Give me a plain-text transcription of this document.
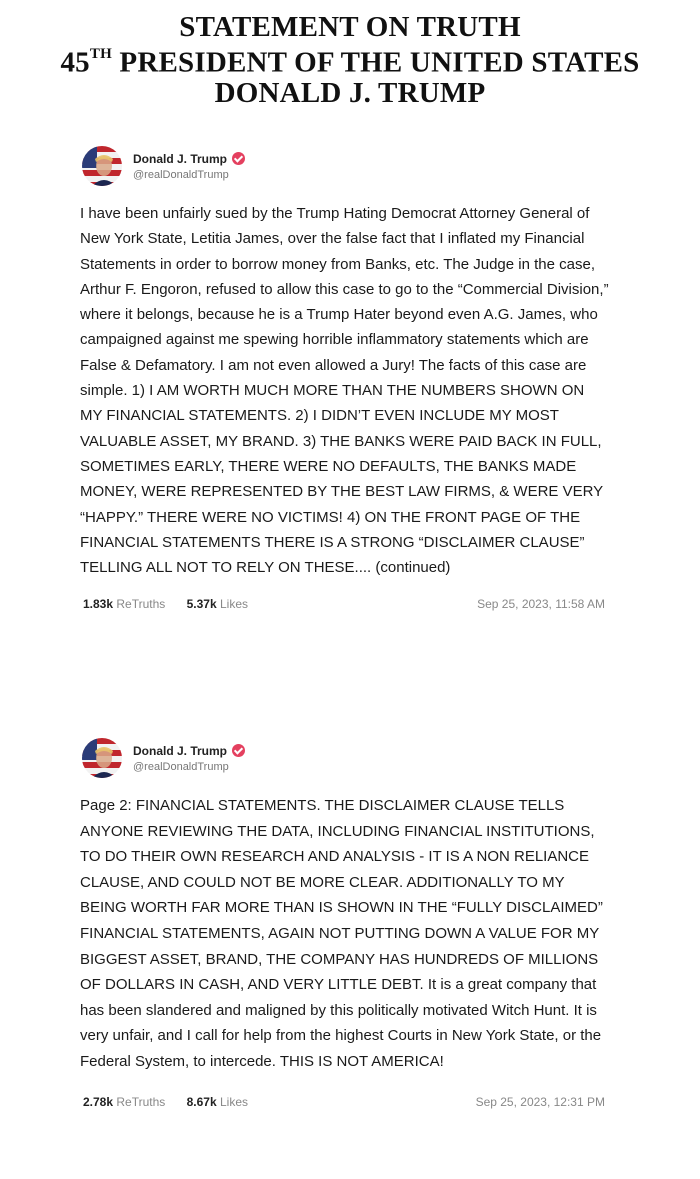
STATEMENT ON TRUTH
45TH PRESIDENT OF THE UNITED STATES
DONALD J. TRUMP
Donald J. Trump
@realDonaldTrump
I have been unfairly sued by the Trump Hating Democrat Attorney General of New York State, Letitia James, over the false fact that I inflated my Financial Statements in order to borrow money from Banks, etc. The Judge in the case, Arthur F. Engoron, refused to allow this case to go to the “Commercial Division,” where it belongs, because he is a Trump Hater beyond even A.G. James, who campaigned against me spewing horrible inflammatory statements which are False & Defamatory. I am not even allowed a Jury! The facts of this case are simple. 1) I AM WORTH MUCH MORE THAN THE NUMBERS SHOWN ON MY FINANCIAL STATEMENTS. 2) I DIDN’T EVEN INCLUDE MY MOST VALUABLE ASSET, MY BRAND. 3) THE BANKS WERE PAID BACK IN FULL, SOMETIMES EARLY, THERE WERE NO DEFAULTS, THE BANKS MADE MONEY, WERE REPRESENTED BY THE BEST LAW FIRMS, & WERE VERY “HAPPY.” THERE WERE NO VICTIMS! 4) ON THE FRONT PAGE OF THE FINANCIAL STATEMENTS THERE IS A STRONG “DISCLAIMER CLAUSE” TELLING ALL NOT TO RELY ON THESE.... (continued)
1.83k ReTruths 5.37k Likes	Sep 25, 2023, 11:58 AM
Donald J. Trump
@realDonaldTrump
Page 2: FINANCIAL STATEMENTS. THE DISCLAIMER CLAUSE TELLS ANYONE REVIEWING THE DATA, INCLUDING FINANCIAL INSTITUTIONS, TO DO THEIR OWN RESEARCH AND ANALYSIS - IT IS A NON RELIANCE CLAUSE, AND COULD NOT BE MORE CLEAR. ADDITIONALLY TO MY BEING WORTH FAR MORE THAN IS SHOWN IN THE “FULLY DISCLAIMED” FINANCIAL STATEMENTS, AGAIN NOT PUTTING DOWN A VALUE FOR MY BIGGEST ASSET, BRAND, THE COMPANY HAS HUNDREDS OF MILLIONS OF DOLLARS IN CASH, AND VERY LITTLE DEBT. It is a great company that has been slandered and maligned by this politically motivated Witch Hunt. It is very unfair, and I call for help from the highest Courts in New York State, or the Federal System, to intercede. THIS IS NOT AMERICA!
2.78k ReTruths 8.67k Likes	Sep 25, 2023, 12:31 PM
